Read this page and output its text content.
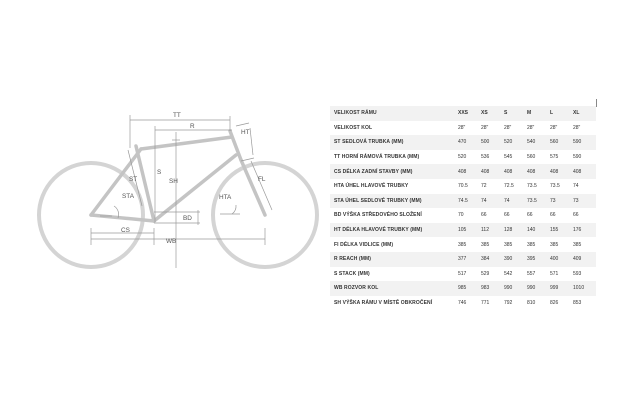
TT
R
HT
ST
S
SH	FL
STA	HTA
BD
CS
WB
VELIKOST RÁMU	XXS	XS	S	M	L	XL
VELIKOST KOL	28"	28"	28"	28"	28"	28"
ST SEDLOVÁ TRUBKA (MM)	470	500	520	540	560	590
TT HORNÍ RÁMOVÁ TRUBKA (MM)	520	536	545	560	575	590
CS DÉLKA ZADNÍ STAVBY (MM)	408	408	408	408	408	408
HTA ÚHEL HLAVOVÉ TRUBKY	70.5	72	72.5	73.5	73.5	74
STA ÚHEL SEDLOVÉ TRUBKY (MM)	74.5	74	74	73.5	73	73
BD VÝŠKA STŘEDOVÉHO SLOŽENÍ	70	66	66	66	66	66
HT DÉLKA HLAVOVÉ TRUBKY (MM)	105	112	128	140	155	176
FI DÉLKA VIDLICE (MM)	385	385	385	385	385	385
R REACH (MM)	377	384	390	395	400	409
S STACK (MM)	517	529	542	557	571	593
WB ROZVOR KOL	985	983	990	990	999	1010
SH VÝŠKA RÁMU V MÍSTĚ OBKROČENÍ	746	771	792	810	826	853
